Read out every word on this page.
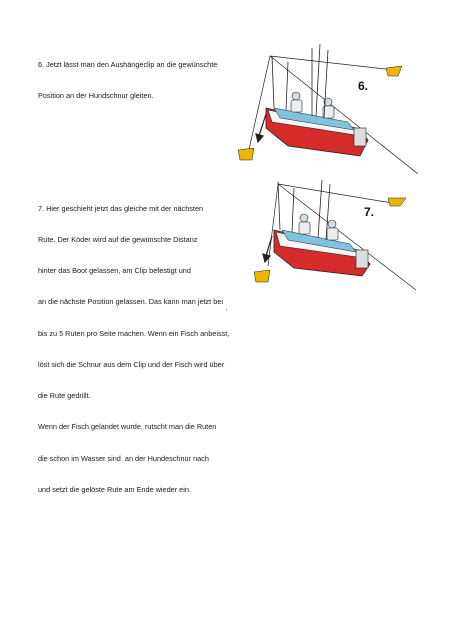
6. Jetzt lässt man den Aushängeclip an die gewünschte

Position an der Hundschnur gleiten.

7. Hier geschieht jetzt das gleiche mit der nächsten

Rute. Der Köder wird auf die gewünschte Distanz

hinter das Boot gelassen, am Clip befestigt und

an die nächste Position gelassen. Das kann man jetzt bei

bis zu 5 Ruten pro Seite machen. Wenn ein Fisch anbeisst,

löst sich die Schnur aus dem Clip und der Fisch wird über

die Rute gedrillt.

Wenn der Fisch gelandet wurde, rutscht man die Ruten

die schon im Wasser sind  an der Hundeschnur nach

und setzt die gelöste Rute am Ende wieder ein.

6.
7.
!
